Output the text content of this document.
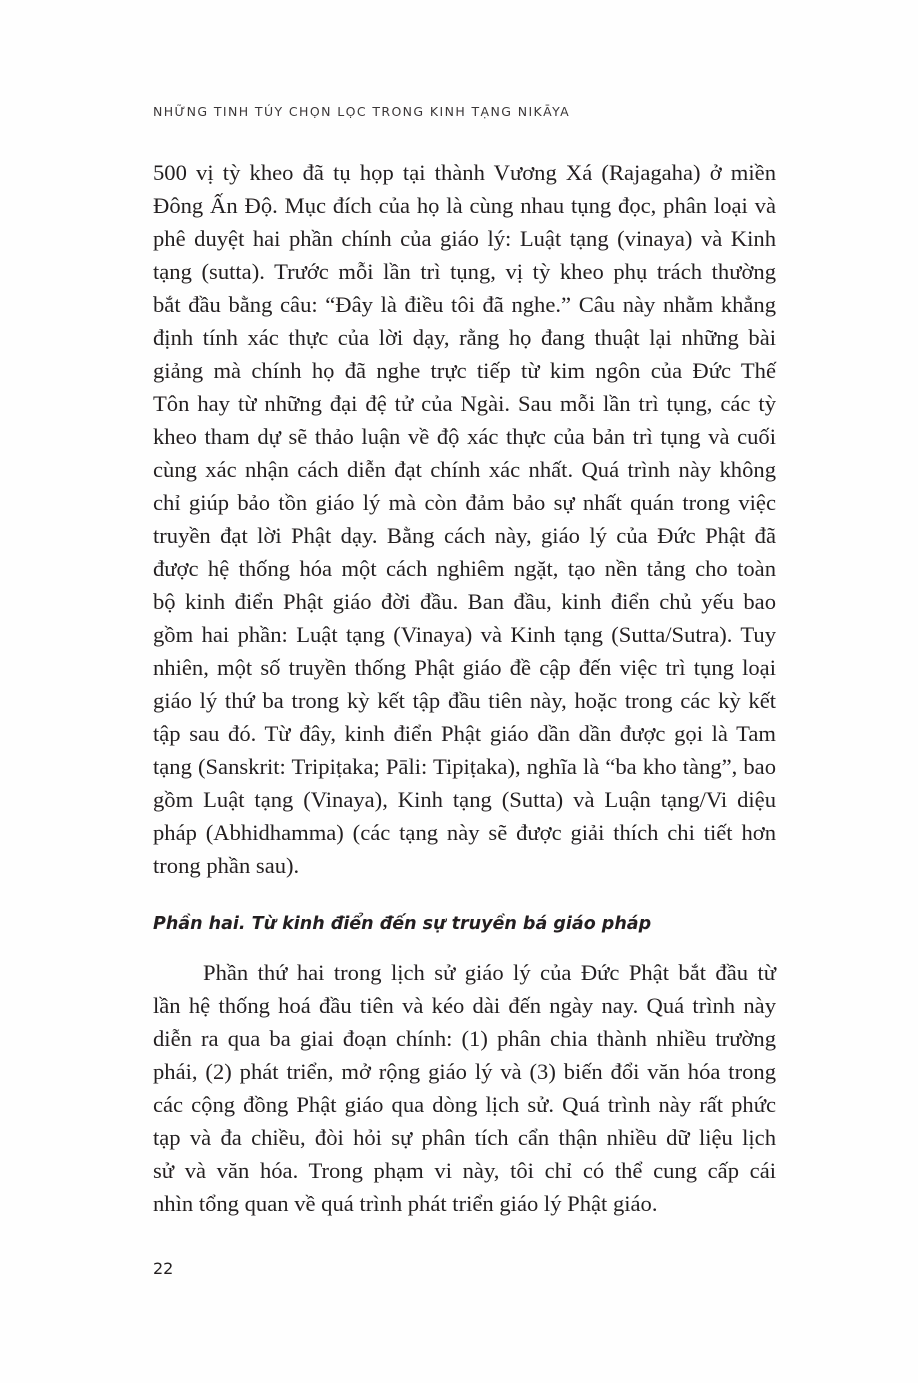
NHỮNG TINH TÚY CHỌN LỌC TRONG KINH TẠNG NIKĀYA
500 vị tỳ kheo đã tụ họp tại thành Vương Xá (Rajagaha) ở miền
Đông Ấn Độ. Mục đích của họ là cùng nhau tụng đọc, phân loại và
phê duyệt hai phần chính của giáo lý: Luật tạng (vinaya) và Kinh
tạng (sutta). Trước mỗi lần trì tụng, vị tỳ kheo phụ trách thường
bắt đầu bằng câu: “Đây là điều tôi đã nghe.” Câu này nhằm khẳng
định tính xác thực của lời dạy, rằng họ đang thuật lại những bài
giảng mà chính họ đã nghe trực tiếp từ kim ngôn của Đức Thế
Tôn hay từ những đại đệ tử của Ngài. Sau mỗi lần trì tụng, các tỳ
kheo tham dự sẽ thảo luận về độ xác thực của bản trì tụng và cuối
cùng xác nhận cách diễn đạt chính xác nhất. Quá trình này không
chỉ giúp bảo tồn giáo lý mà còn đảm bảo sự nhất quán trong việc
truyền đạt lời Phật dạy. Bằng cách này, giáo lý của Đức Phật đã
được hệ thống hóa một cách nghiêm ngặt, tạo nền tảng cho toàn
bộ kinh điển Phật giáo đời đầu. Ban đầu, kinh điển chủ yếu bao
gồm hai phần: Luật tạng (Vinaya) và Kinh tạng (Sutta/Sutra). Tuy
nhiên, một số truyền thống Phật giáo đề cập đến việc trì tụng loại
giáo lý thứ ba trong kỳ kết tập đầu tiên này, hoặc trong các kỳ kết
tập sau đó. Từ đây, kinh điển Phật giáo dần dần được gọi là Tam
tạng (Sanskrit: Tripiṭaka; Pāli: Tipiṭaka), nghĩa là “ba kho tàng”, bao
gồm Luật tạng (Vinaya), Kinh tạng (Sutta) và Luận tạng/Vi diệu
pháp (Abhidhamma) (các tạng này sẽ được giải thích chi tiết hơn
trong phần sau).
Phần hai. Từ kinh điển đến sự truyền bá giáo pháp
Phần thứ hai trong lịch sử giáo lý của Đức Phật bắt đầu từ
lần hệ thống hoá đầu tiên và kéo dài đến ngày nay. Quá trình này
diễn ra qua ba giai đoạn chính: (1) phân chia thành nhiều trường
phái, (2) phát triển, mở rộng giáo lý và (3) biến đổi văn hóa trong
các cộng đồng Phật giáo qua dòng lịch sử. Quá trình này rất phức
tạp và đa chiều, đòi hỏi sự phân tích cẩn thận nhiều dữ liệu lịch
sử và văn hóa. Trong phạm vi này, tôi chỉ có thể cung cấp cái
nhìn tổng quan về quá trình phát triển giáo lý Phật giáo.
22
